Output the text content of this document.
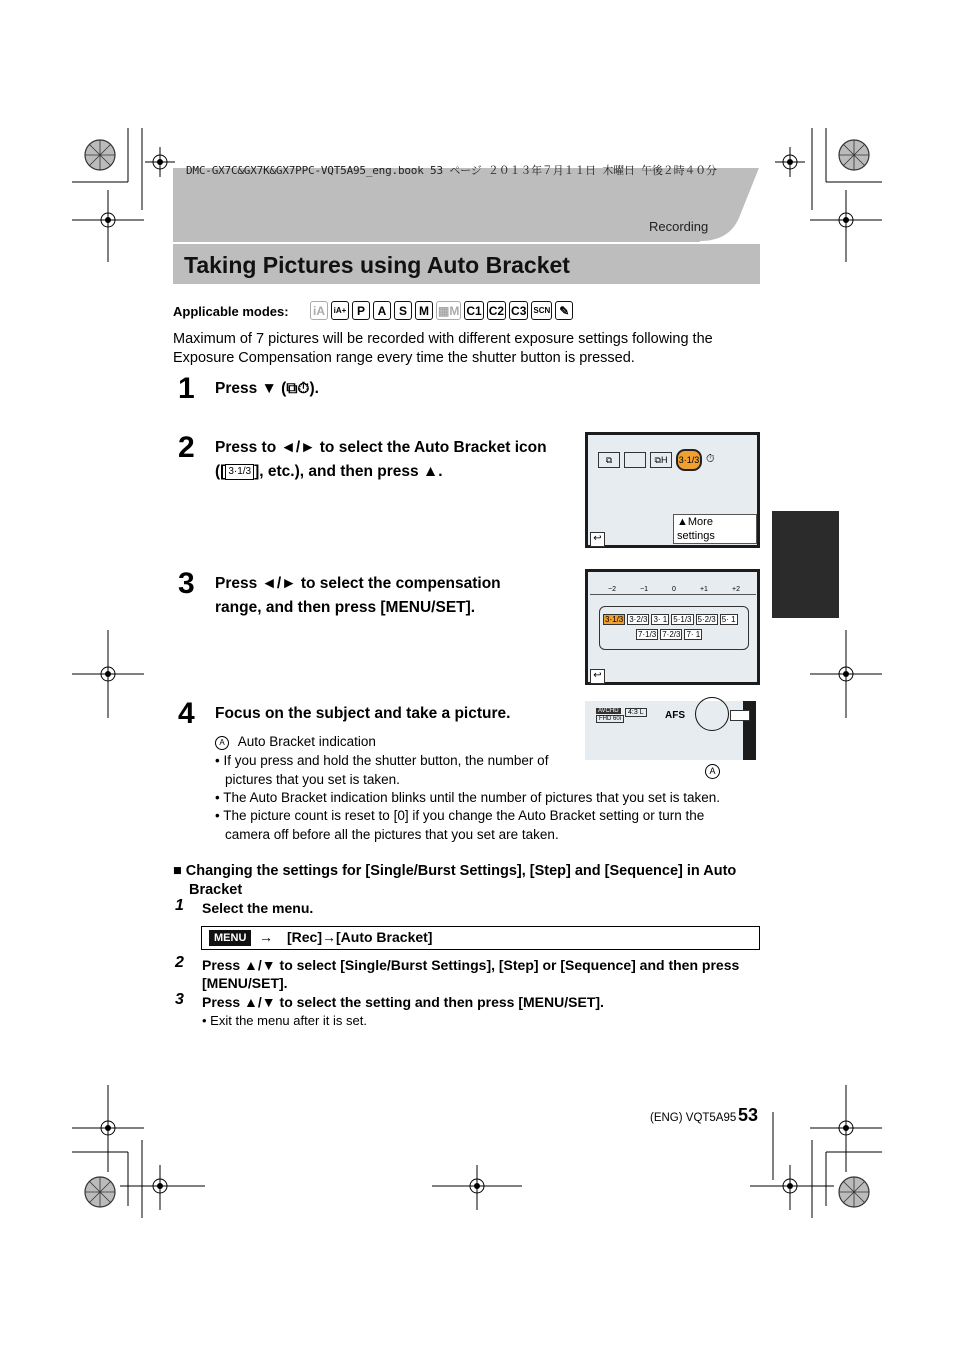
DMC-GX7C&GX7K&GX7PPC-VQT5A95_eng.book 53 ページ ２０１３年７月１１日 木曜日 午後２時４０分
Recording
Taking Pictures using Auto Bracket
Applicable modes: iA	iA+ P	A	S	M ▦M C1 C2 C3 SCN ✎
Maximum of 7 pictures will be recorded with different exposure settings following the Exposure Compensation range every time the shutter button is pressed.
1 Press ▼ (⧉⏱).
2 Press to ◄/► to select the Auto Bracket icon
([ 3·1/3 ], etc.), and then press ▲.
⧉	⧉H	3·1/3 ⏱
▲More settings
↩
3 Press ◄/► to select the compensation
range, and then press [MENU/SET].
−2	−1	0	+1	+2
3·1/3 3·2/3 3· 1 5·1/3 5·2/3 5· 1
7·1/3 7·2/3 7· 1
↩
4 Focus on the subject and take a picture.	AVCHD
FHD 60i
4:3 L	AFS
A
A Auto Bracket indication
• If you press and hold the shutter button, the number of pictures that you set is taken.
• The Auto Bracket indication blinks until the number of pictures that you set is taken.
• The picture count is reset to [0] if you change the Auto Bracket setting or turn the camera off before all the pictures that you set are taken.
■ Changing the settings for [Single/Burst Settings], [Step] and [Sequence] in Auto Bracket
1 Select the menu.
MENU → [Rec]→[Auto Bracket]
2 Press ▲/▼ to select [Single/Burst Settings], [Step] or [Sequence] and then press [MENU/SET].
3 Press ▲/▼ to select the setting and then press [MENU/SET].
• Exit the menu after it is set.
(ENG) VQT5A95 53
